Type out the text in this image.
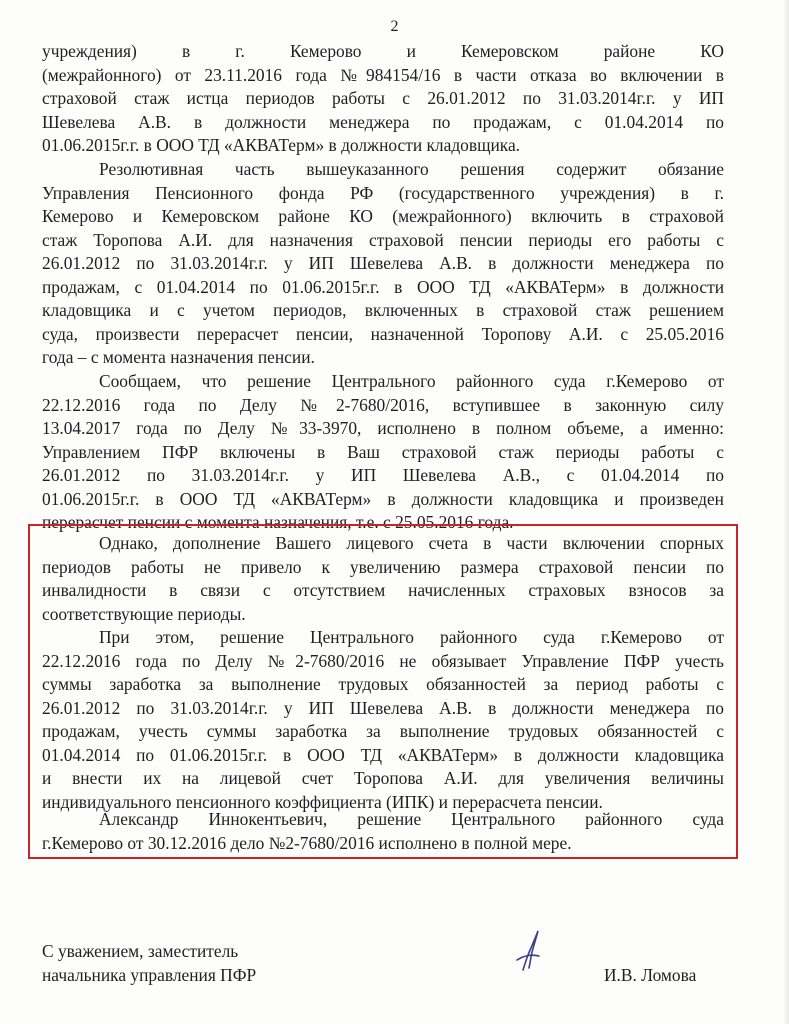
2
учреждения) в г. Кемерово и Кемеровском районе КО
(межрайонного) от 23.11.2016 года №984154/16 в части отказа во включении в
страховой стаж истца периодов работы с 26.01.2012 по 31.03.2014г.г. у ИП
Шевелева А.В. в должности менеджера по продажам, с 01.04.2014 по
01.06.2015г.г. в ООО ТД «АКВАТерм» в должности кладовщика.
Резолютивная часть вышеуказанного решения содержит обязание
Управления Пенсионного фонда РФ (государственного учреждения) в г.
Кемерово и Кемеровском районе КО (межрайонного) включить в страховой
стаж Торопова А.И. для назначения страховой пенсии периоды его работы с
26.01.2012 по 31.03.2014г.г. у ИП Шевелева А.В. в должности менеджера по
продажам, с 01.04.2014 по 01.06.2015г.г. в ООО ТД «АКВАТерм» в должности
кладовщика и с учетом периодов, включенных в страховой стаж решением
суда, произвести перерасчет пенсии, назначенной Торопову А.И. с 25.05.2016
года – с момента назначения пенсии.
Сообщаем, что решение Центрального районного суда г.Кемерово от
22.12.2016 года по Делу №2-7680/2016, вступившее в законную силу
13.04.2017 года по Делу №33-3970, исполнено в полном объеме, а именно:
Управлением ПФР включены в Ваш страховой стаж периоды работы с
26.01.2012 по 31.03.2014г.г. у ИП Шевелева А.В., с 01.04.2014 по
01.06.2015г.г. в ООО ТД «АКВАТерм» в должности кладовщика и произведен
перерасчет пенсии с момента назначения, т.е. с 25.05.2016 года.
Однако, дополнение Вашего лицевого счета в части включении спорных
периодов работы не привело к увеличению размера страховой пенсии по
инвалидности в связи с отсутствием начисленных страховых взносов за
соответствующие периоды.
При этом, решение Центрального районного суда г.Кемерово от
22.12.2016 года по Делу №2-7680/2016 не обязывает Управление ПФР учесть
суммы заработка за выполнение трудовых обязанностей за период работы с
26.01.2012 по 31.03.2014г.г. у ИП Шевелева А.В. в должности менеджера по
продажам, учесть суммы заработка за выполнение трудовых обязанностей с
01.04.2014 по 01.06.2015г.г. в ООО ТД «АКВАТерм» в должности кладовщика
и внести их на лицевой счет Торопова А.И. для увеличения величины
индивидуального пенсионного коэффициента (ИПК) и перерасчета пенсии.
Александр Иннокентьевич, решение Центрального районного суда
г.Кемерово от 30.12.2016 дело №2-7680/2016 исполнено в полной мере.
С уважением, заместитель
начальника управления ПФР	И.В. Ломова
